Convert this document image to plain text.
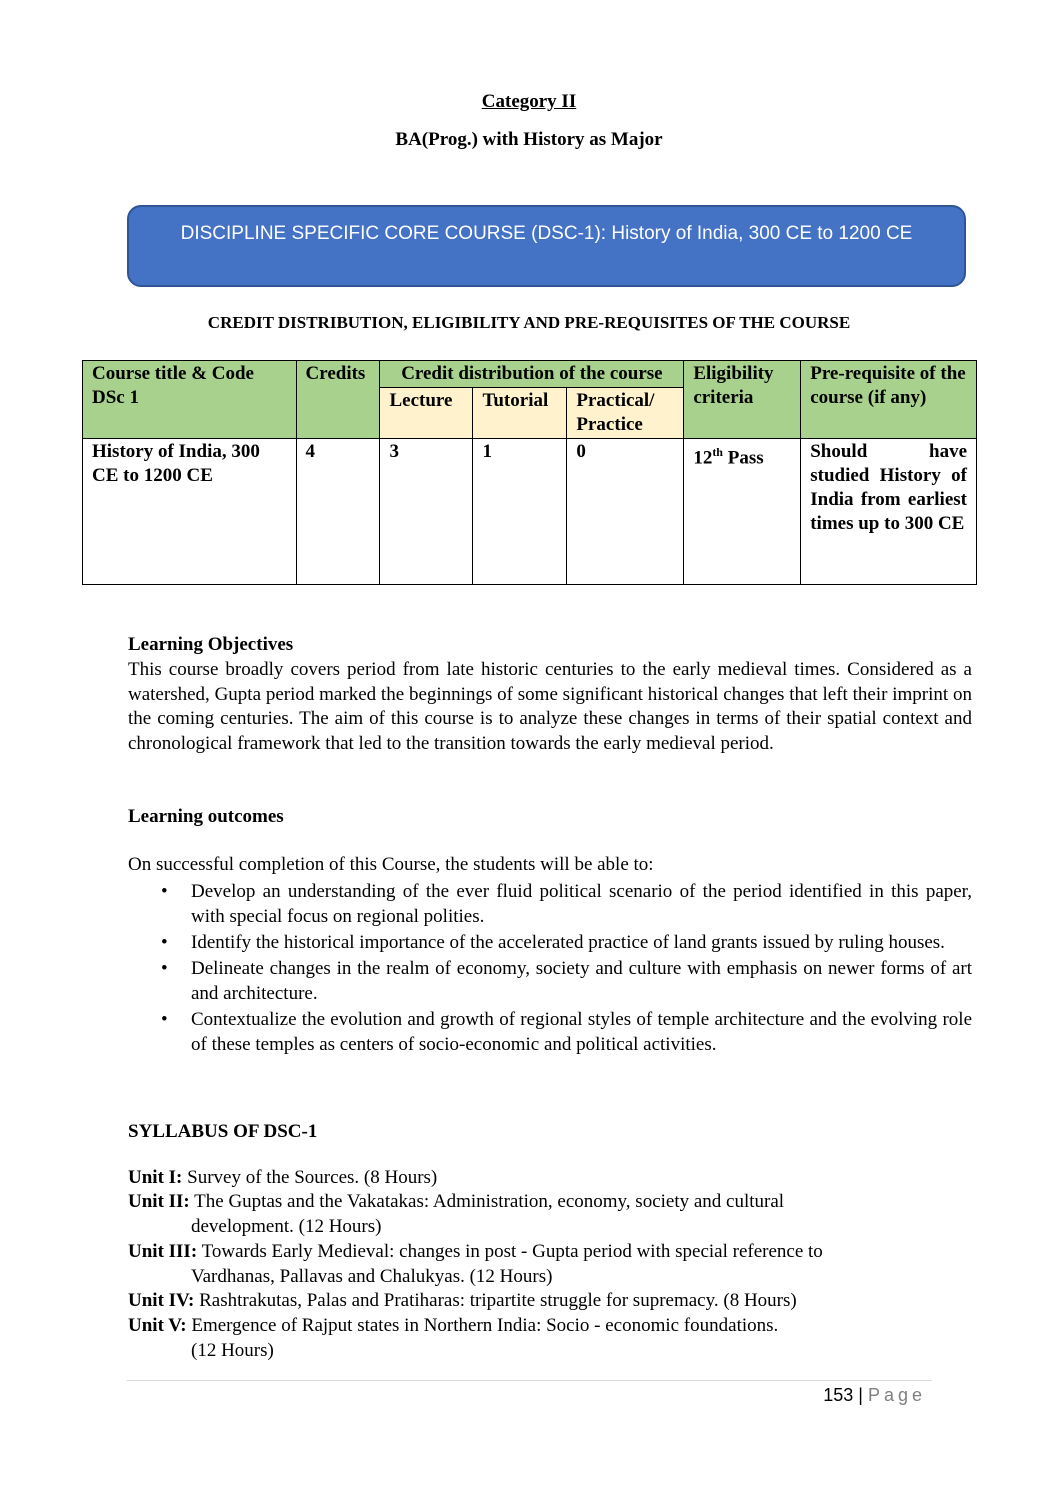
Category II
BA(Prog.) with History as Major
DISCIPLINE SPECIFIC CORE COURSE (DSC-1): History of India, 300 CE to 1200 CE
CREDIT DISTRIBUTION, ELIGIBILITY AND PRE-REQUISITES OF THE COURSE
Course title & Code DSc 1	Credits	Credit distribution of the course			Eligibility criteria	Pre-requisite of the course (if any)
		Lecture	Tutorial	Practical/ Practice		
History of India, 300 CE to 1200 CE	4	3	1	0	12th Pass	Should have studied History of India from earliest times up to 300 CE
Learning Objectives
This course broadly covers period from late historic centuries to the early medieval times. Considered as a watershed, Gupta period marked the beginnings of some significant historical changes that left their imprint on the coming centuries. The aim of this course is to analyze these changes in terms of their spatial context and chronological framework that led to the transition towards the early medieval period.
Learning outcomes
On successful completion of this Course, the students will be able to:
• Develop an understanding of the ever fluid political scenario of the period identified in this paper, with special focus on regional polities.
• Identify the historical importance of the accelerated practice of land grants issued by ruling houses.
• Delineate changes in the realm of economy, society and culture with emphasis on newer forms of art and architecture.
• Contextualize the evolution and growth of regional styles of temple architecture and the evolving role of these temples as centers of socio-economic and political activities.
SYLLABUS OF DSC-1
Unit I: Survey of the Sources. (8 Hours)
Unit II: The Guptas and the Vakatakas: Administration, economy, society and cultural
development. (12 Hours)
Unit III: Towards Early Medieval: changes in post - Gupta period with special reference to
Vardhanas, Pallavas and Chalukyas. (12 Hours)
Unit IV: Rashtrakutas, Palas and Pratiharas: tripartite struggle for supremacy. (8 Hours)
Unit V: Emergence of Rajput states in Northern India: Socio - economic foundations.
(12 Hours)
153 | Page
